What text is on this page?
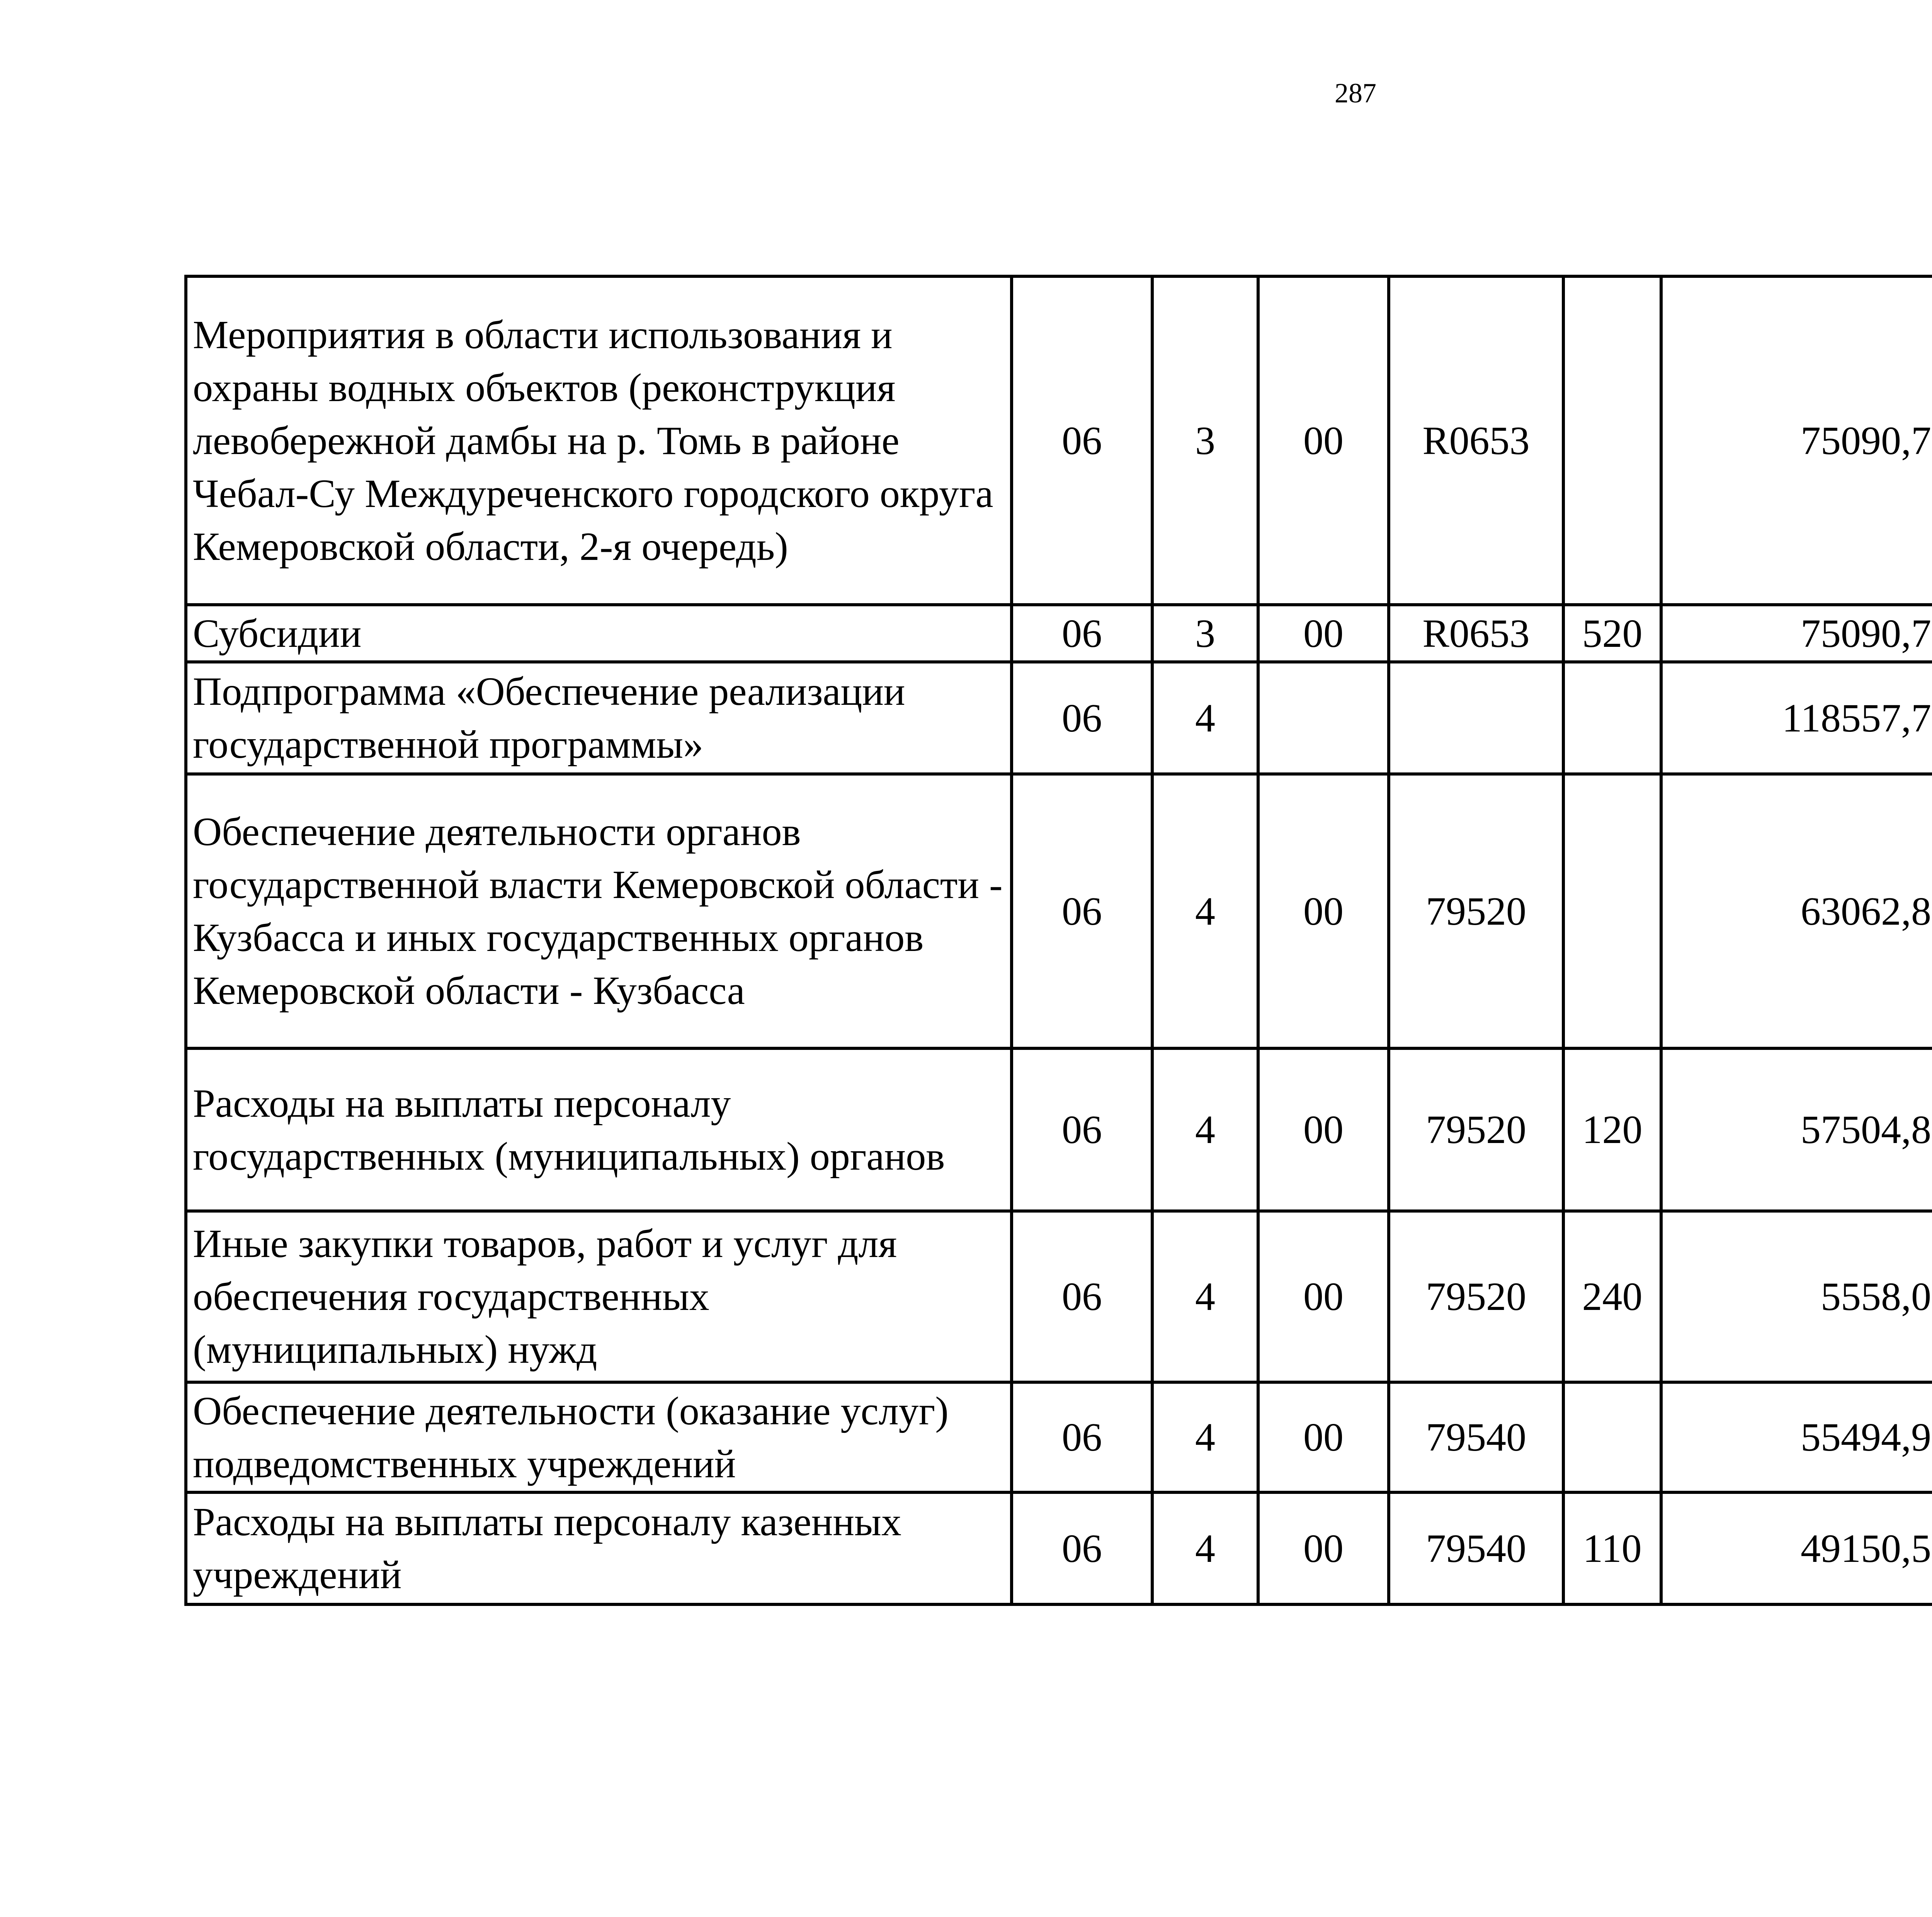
287
Мероприятия в области использования и охраны водных объектов (реконструкция левобережной дамбы на р. Томь в районе Чебал-Су Междуреченского городского округа Кемеровской области, 2-я очередь)	06	3	00	R0653		75090,7		
Субсидии	06	3	00	R0653	520	75090,7		
Подпрограмма «Обеспечение реализации государственной программы»	06	4				118557,7		
Обеспечение деятельности органов государственной власти Кемеровской области - Кузбасса и иных государственных органов Кемеровской области - Кузбасса	06	4	00	79520		63062,8		
Расходы на выплаты персоналу государственных (муниципальных) органов	06	4	00	79520	120	57504,8		
Иные закупки товаров, работ и услуг для обеспечения государственных (муниципальных) нужд	06	4	00	79520	240	5558,0		
Обеспечение деятельности (оказание услуг) подведомственных учреждений	06	4	00	79540		55494,9		
Расходы на выплаты персоналу казенных учреждений	06	4	00	79540	110	49150,5		
